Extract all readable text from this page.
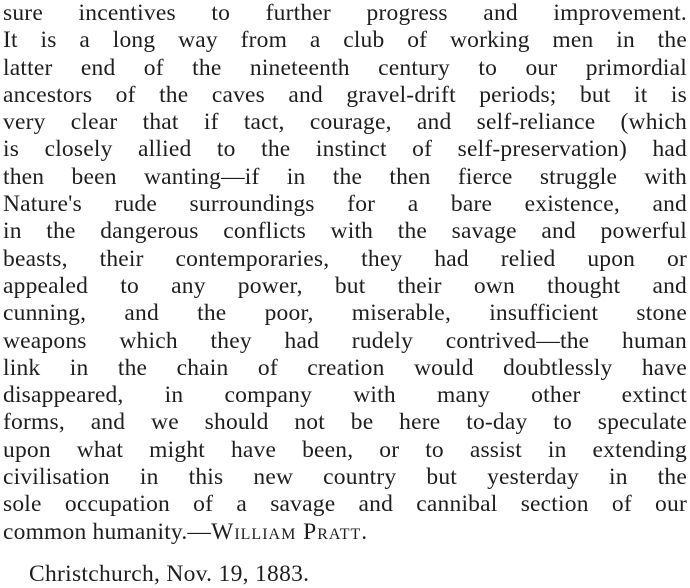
sure incentives to further progress and improvement.
It is a long way from a club of working men in the
latter end of the nineteenth century to our primordial
ancestors of the caves and gravel-drift periods; but it is
very clear that if tact, courage, and self-reliance (which
is closely allied to the instinct of self-preservation) had
then been wanting—if in the then fierce struggle with
Nature's rude surroundings for a bare existence, and
in the dangerous conflicts with the savage and powerful
beasts, their contemporaries, they had relied upon or
appealed to any power, but their own thought and
cunning, and the poor, miserable, insufficient stone
weapons which they had rudely contrived—the human
link in the chain of creation would doubtlessly have
disappeared, in company with many other extinct
forms, and we should not be here to-day to speculate
upon what might have been, or to assist in extending
civilisation in this new country but yesterday in the
sole occupation of a savage and cannibal section of our
common humanity.—William Pratt.
Christchurch, Nov. 19, 1883.
